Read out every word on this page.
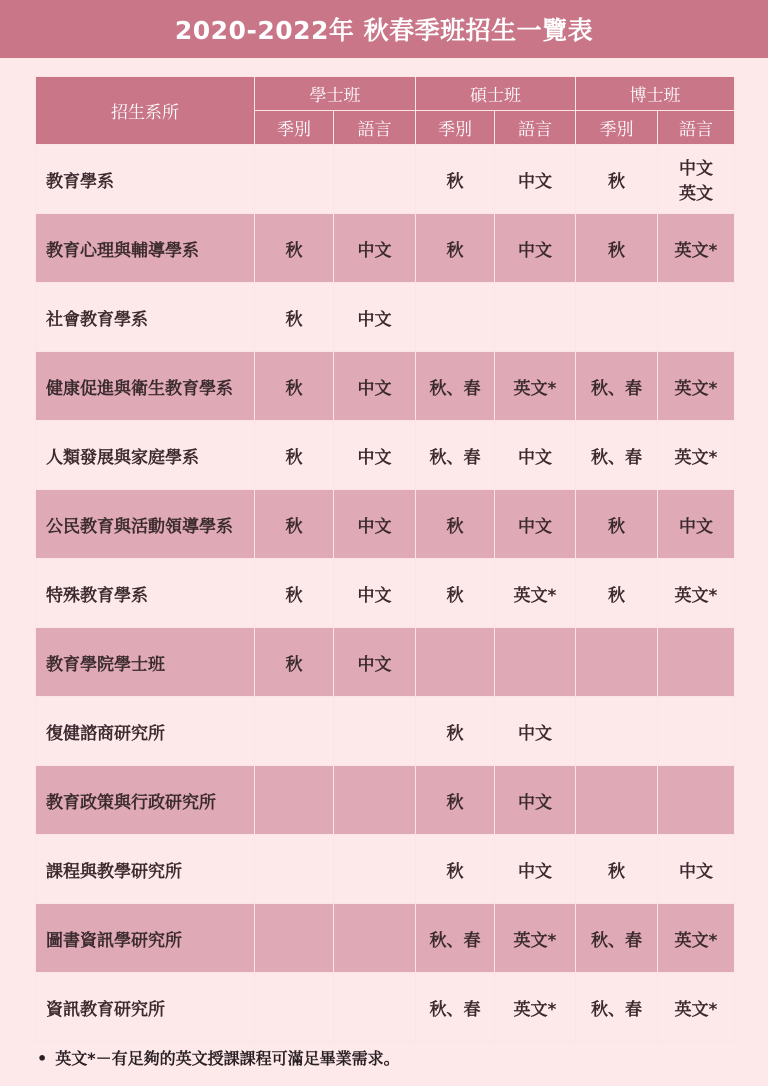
2020-2022年 秋春季班招生一覽表
招生系所	學士班		碩士班		博士班	
	季別	語言	季別	語言	季別	語言
教育學系			秋	中文	秋	中文
英文
教育心理與輔導學系	秋	中文	秋	中文	秋	英文*
社會教育學系	秋	中文				
健康促進與衛生教育學系	秋	中文	秋、春	英文*	秋、春	英文*
人類發展與家庭學系	秋	中文	秋、春	中文	秋、春	英文*
公民教育與活動領導學系	秋	中文	秋	中文	秋	中文
特殊教育學系	秋	中文	秋	英文*	秋	英文*
教育學院學士班	秋	中文				
復健諮商研究所			秋	中文		
教育政策與行政研究所			秋	中文		
課程與教學研究所			秋	中文	秋	中文
圖書資訊學研究所			秋、春	英文*	秋、春	英文*
資訊教育研究所			秋、春	英文*	秋、春	英文*
• 英文*－有足夠的英文授課課程可滿足畢業需求。
